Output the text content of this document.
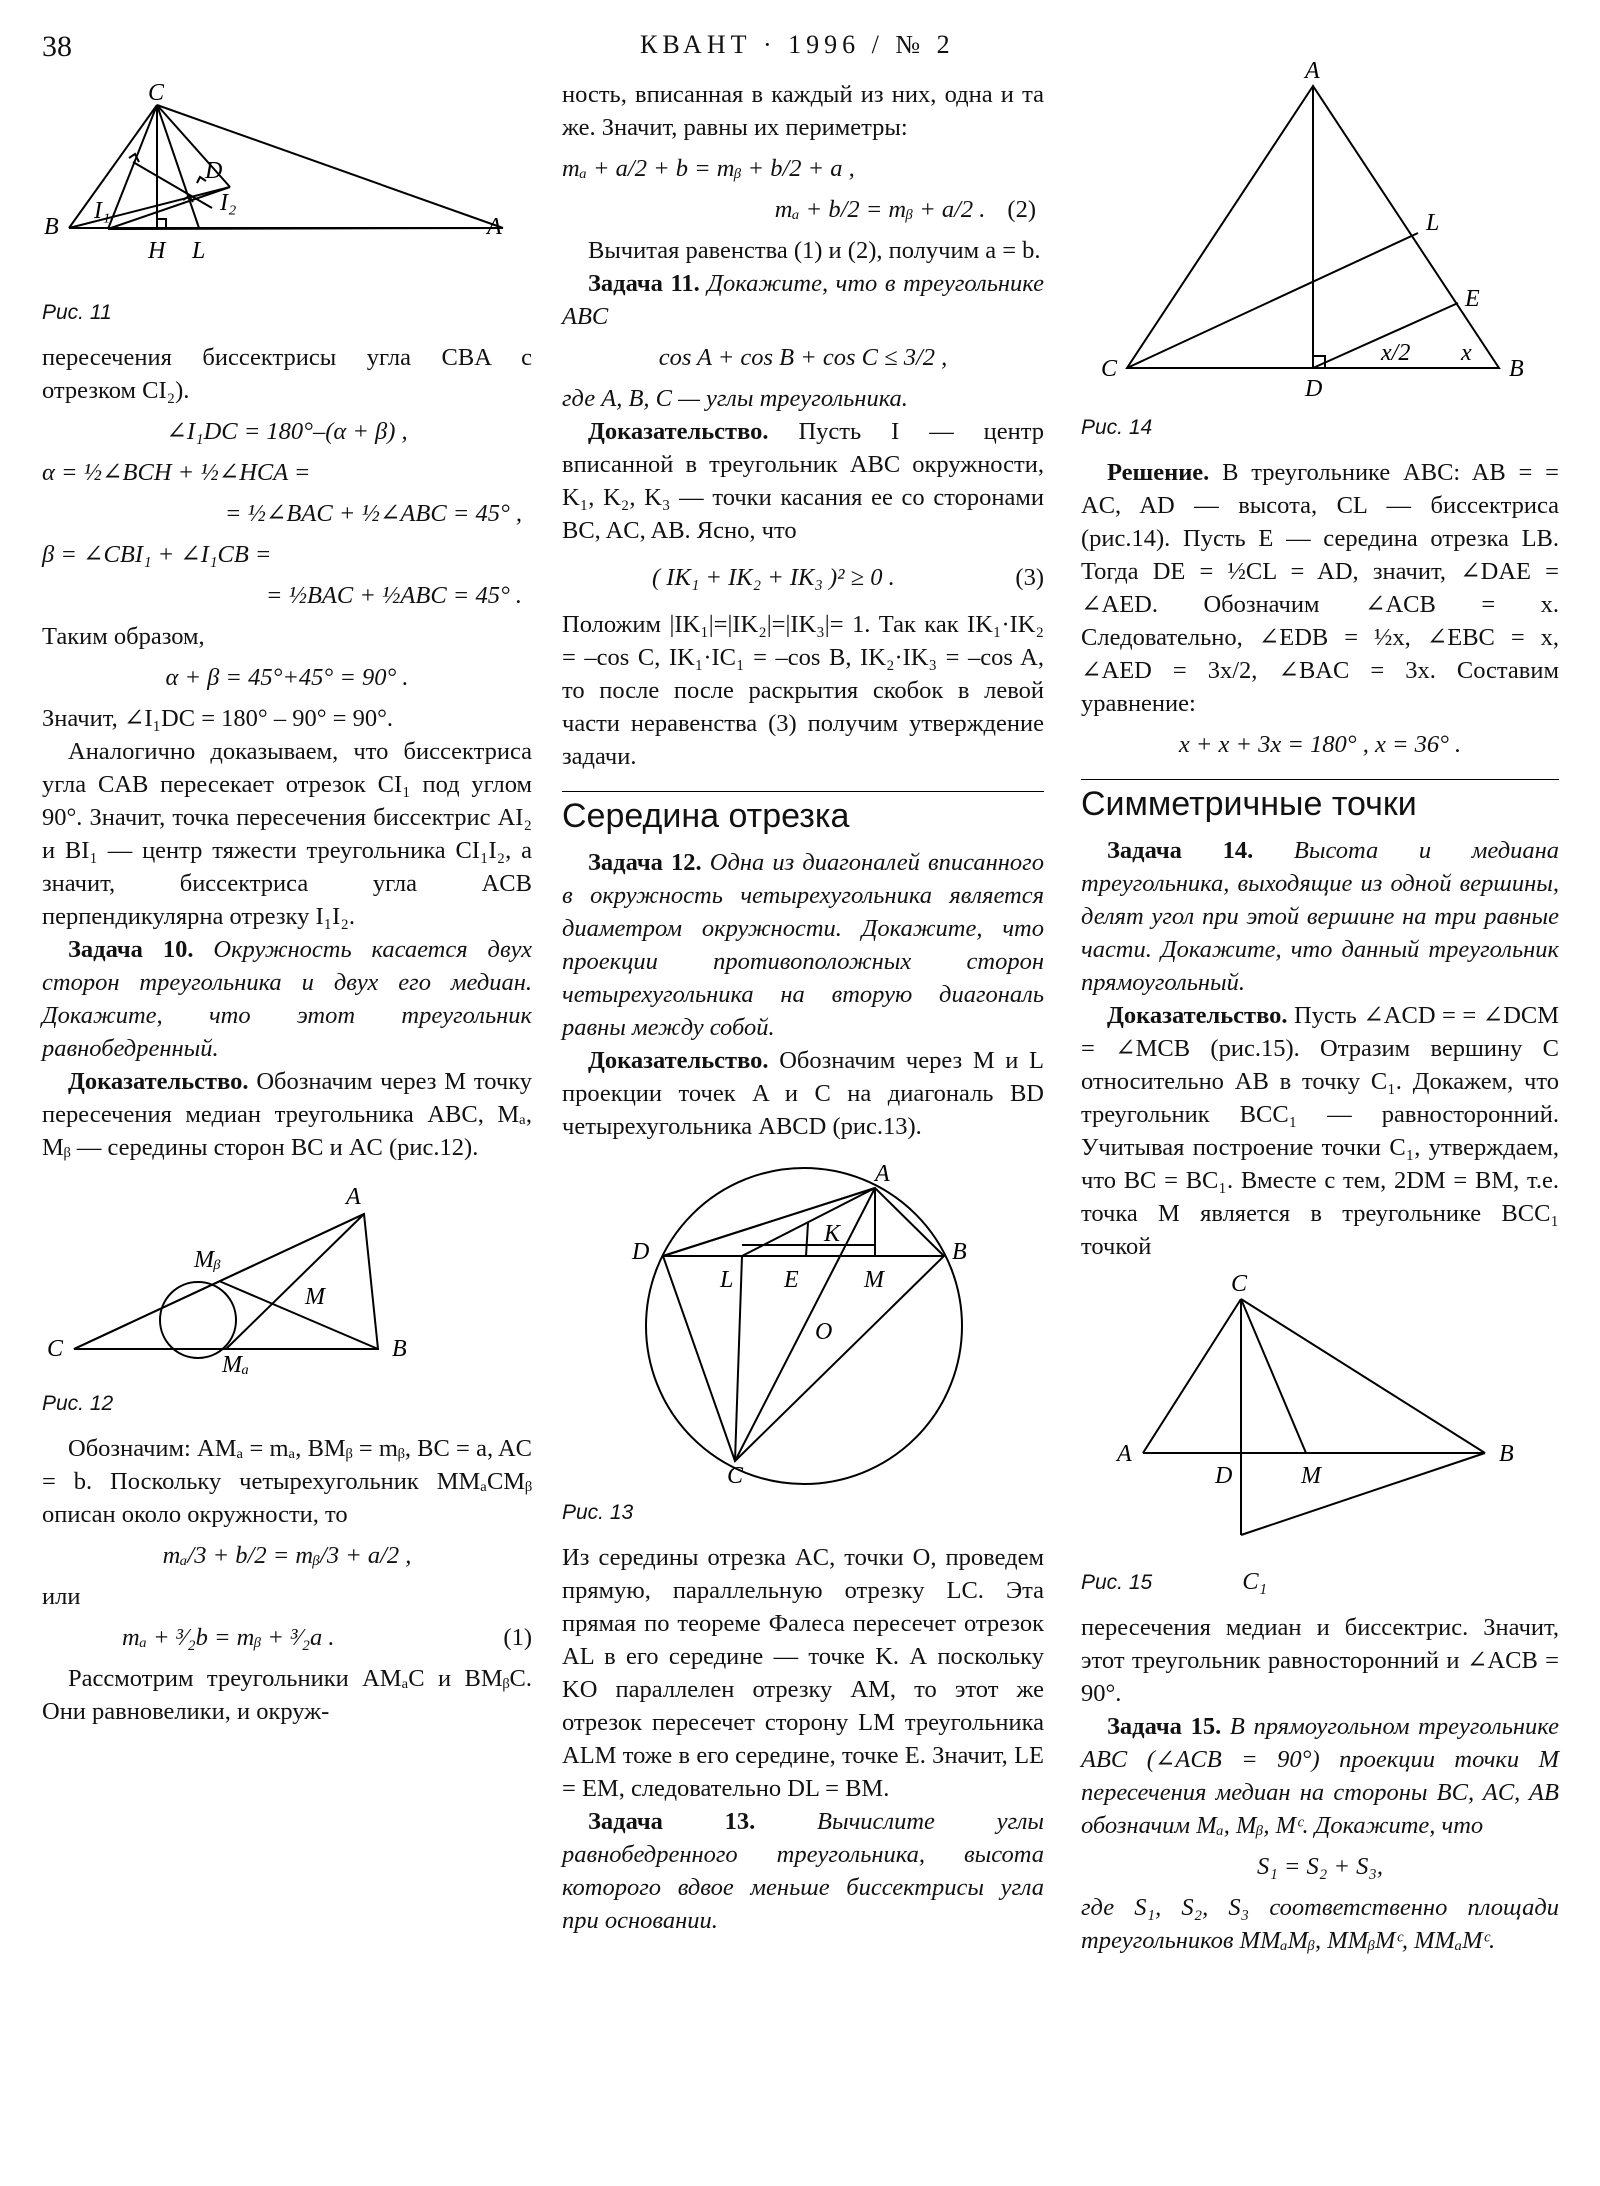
38	КВАНТ · 1996 / № 2
C
D
I₂
I₁
B	A
H L
Рис. 11

пересечения биссектрисы угла CBA с отрезком CI₂).

∠I₁DC = 180°–(α + β) ,
α = ½∠BCH + ½∠HCA =
= ½∠BAC + ½∠ABC = 45° ,
β = ∠CBI₁ + ∠I₁CB =
= ½BAC + ½ABC = 45° .

Таким образом,

α + β = 45°+45° = 90° .

Значит, ∠I₁DC = 180° – 90° = 90°.

Аналогично доказываем, что биссектриса угла CAB пересекает отрезок CI₁ под углом 90°. Значит, точка пересечения биссектрис AI₂ и BI₁ — центр тяжести треугольника CI₁I₂, а значит, биссектриса угла ACB перпендикулярна отрезку I₁I₂.

Задача 10. Окружность касается двух сторон треугольника и двух его медиан. Докажите, что этот треугольник равнобедренный.

Доказательство. Обозначим через M точку пересечения медиан треугольника ABC, Mₐ, Mᵦ — середины сторон BC и AC (рис.12).

A
Mᵦ
M
C	B
Mₐ
Рис. 12

Обозначим: AMₐ = mₐ, BMᵦ = mᵦ, BC = a, AC = b. Поскольку четырехугольник MMₐCMᵦ описан около окружности, то

mₐ/3 + b/2 = mᵦ/3 + a/2 ,

или

mₐ + ³⁄₂b = mᵦ + ³⁄₂a .	(1)

Рассмотрим треугольники AMₐC и BMᵦC. Они равновелики, и окруж-

ность, вписанная в каждый из них, одна и та же. Значит, равны их периметры:

mₐ + a/2 + b = mᵦ + b/2 + a ,
mₐ + b/2 = mᵦ + a/2 . (2)

Вычитая равенства (1) и (2), получим a = b.

Задача 11. Докажите, что в треугольнике ABC

cos A + cos B + cos C ≤ 3/2 ,

где A, B, C — углы треугольника.

Доказательство. Пусть I — центр вписанной в треугольник ABC окружности, K₁, K₂, K₃ — точки касания ее со сторонами BC, AC, AB. Ясно, что

( IK₁ + IK₂ + IK₃ )² ≥ 0 .	(3)

Положим |IK₁|=|IK₂|=|IK₃|= 1. Так как IK₁·IK₂ = –cos C, IK₁·IC₁ = –cos B, IK₂·IK₃ = –cos A, то после после раскрытия скобок в левой части неравенства (3) получим утверждение задачи.

Середина отрезка

Задача 12. Одна из диагоналей вписанного в окружность четырехугольника является диаметром окружности. Докажите, что проекции противоположных сторон четырехугольника на вторую диагональ равны между собой.

Доказательство. Обозначим через M и L проекции точек A и C на диагональ BD четырехугольника ABCD (рис.13).

A
K
D
L E	M
B
O
C
Рис. 13

Из середины отрезка AC, точки O, проведем прямую, параллельную отрезку LC. Эта прямая по теореме Фалеса пересечет отрезок AL в его середине — точке K. А поскольку KO параллелен отрезку AM, то этот же отрезок пересечет сторону LM треугольника ALM тоже в его середине, точке E. Значит, LE = EM, следовательно DL = BM.

Задача 13.	Вычислите углы равнобедренного треугольника, высота которого вдвое меньше биссектрисы угла при основании.

A
L
E
C
D
B
x/2 x
Рис. 14

Решение. В треугольнике ABC: AB = = AC, AD — высота, CL — биссектриса (рис.14). Пусть E — середина отрезка LB. Тогда DE = ½CL = AD, значит, ∠DAE = ∠AED. Обозначим ∠ACB = x. Следовательно, ∠EDB = ½x, ∠EBC = x, ∠AED = 3x/2, ∠BAC = 3x. Составим уравнение:

x + x + 3x = 180° , x = 36° .
Симметричные точки

Задача 14. Высота и медиана треугольника, выходящие из одной вершины, делят угол при этой вершине на три равные части. Докажите, что данный треугольник прямоугольный.

Доказательство. Пусть ∠ACD = = ∠DCM = ∠MCB (рис.15). Отразим вершину C относительно AB в точку C₁. Докажем, что треугольник BCC₁ — равносторонний. Учитывая построение точки C₁, утверждаем, что BC = BC₁. Вместе с тем, 2DM = BM, т.е. точка M является в треугольнике BCC₁ точкой

C
A
D	M
B
Рис. 15	C₁

пересечения медиан и биссектрис. Значит, этот треугольник равносторонний и ∠ACB = 90°.

Задача 15. В прямоугольном треугольнике ABC (∠ACB = 90°) проекции точки M пересечения медиан на стороны BC, AC, AB обозначим Mₐ, Mᵦ, Mᶜ. Докажите, что

S₁ = S₂ + S₃,

где S₁, S₂, S₃ соответственно площади треугольников MMₐMᵦ, MMᵦMᶜ, MMₐMᶜ.
